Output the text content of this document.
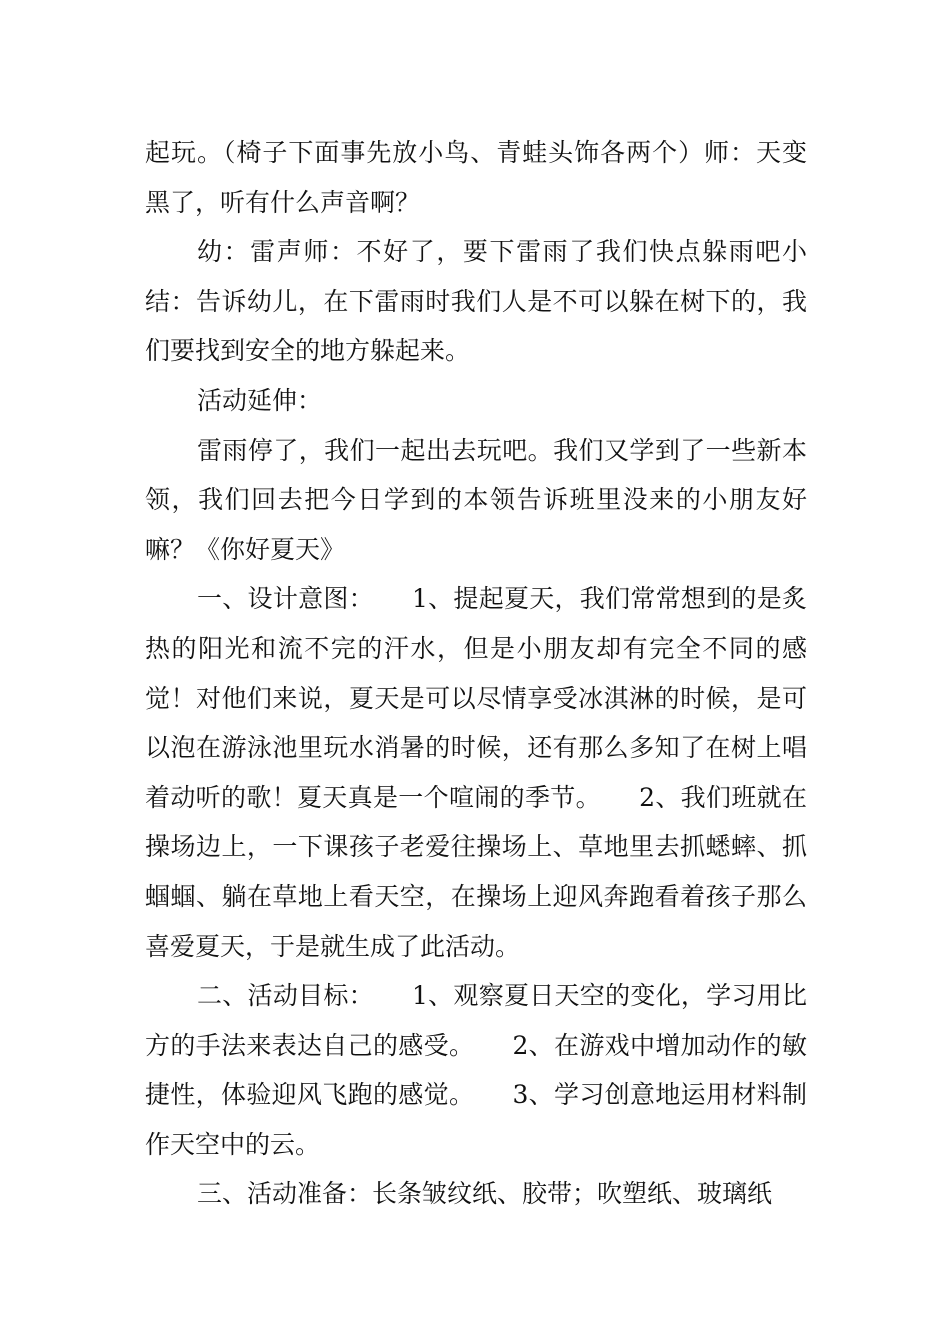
起玩。（椅子下面事先放小鸟、青蛙头饰各两个）师：天变黑了，听有什么声音啊？

幼：雷声师：不好了，要下雷雨了我们快点躲雨吧小结：告诉幼儿，在下雷雨时我们人是不可以躲在树下的，我们要找到安全的地方躲起来。

活动延伸：

雷雨停了，我们一起出去玩吧。我们又学到了一些新本领，我们回去把今日学到的本领告诉班里没来的小朋友好嘛？《你好夏天》

一、设计意图：　　1、提起夏天，我们常常想到的是炙热的阳光和流不完的汗水，但是小朋友却有完全不同的感觉！对他们来说，夏天是可以尽情享受冰淇淋的时候，是可以泡在游泳池里玩水消暑的时候，还有那么多知了在树上唱着动听的歌！夏天真是一个喧闹的季节。　　2、我们班就在操场边上，一下课孩子老爱往操场上、草地里去抓蟋蟀、抓蝈蝈、躺在草地上看天空，在操场上迎风奔跑看着孩子那么喜爱夏天，于是就生成了此活动。

二、活动目标：　　1、观察夏日天空的变化，学习用比方的手法来表达自己的感受。　　2、在游戏中增加动作的敏捷性，体验迎风飞跑的感觉。　　3、学习创意地运用材料制作天空中的云。

三、活动准备：长条皱纹纸、胶带；吹塑纸、玻璃纸
